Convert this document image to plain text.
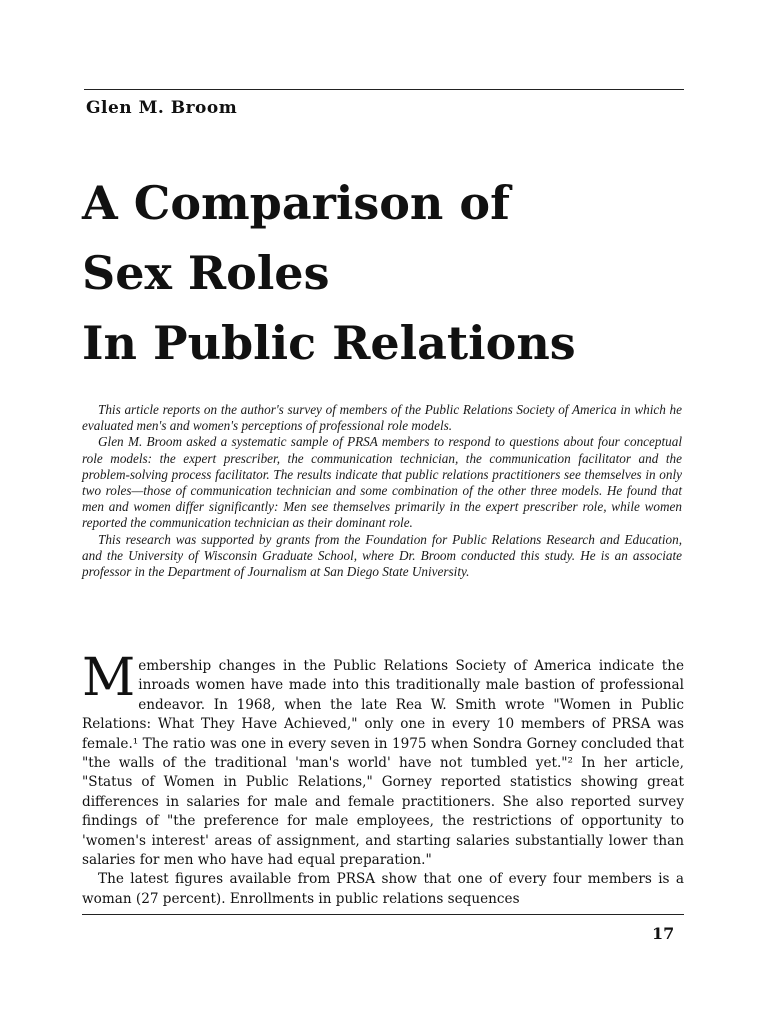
Glen M. Broom
A Comparison of
Sex Roles
In Public Relations

This article reports on the author's survey of members of the Public Relations Society of America in which he evaluated men's and women's perceptions of professional role models.

Glen M. Broom asked a systematic sample of PRSA members to respond to questions about four conceptual role models: the expert prescriber, the communication technician, the communication facilitator and the problem-solving process facilitator. The results indicate that public relations practitioners see themselves in only two roles—those of communication technician and some combination of the other three models. He found that men and women differ significantly: Men see themselves primarily in the expert prescriber role, while women reported the communication technician as their dominant role.

This research was supported by grants from the Foundation for Public Relations Research and Education, and the University of Wisconsin Graduate School, where Dr. Broom conducted this study. He is an associate professor in the Department of Journalism at San Diego State University.

Membership changes in the Public Relations Society of America indicate the inroads women have made into this traditionally male bastion of professional endeavor. In 1968, when the late Rea W. Smith wrote "Women in Public Relations: What They Have Achieved," only one in every 10 members of PRSA was female.¹ The ratio was one in every seven in 1975 when Sondra Gorney concluded that "the walls of the traditional 'man's world' have not tumbled yet."² In her article, "Status of Women in Public Relations," Gorney reported statistics showing great differences in salaries for male and female practitioners. She also reported survey findings of "the preference for male employees, the restrictions of opportunity to 'women's interest' areas of assignment, and starting salaries substantially lower than salaries for men who have had equal preparation."

The latest figures available from PRSA show that one of every four members is a woman (27 percent). Enrollments in public relations sequences

17
